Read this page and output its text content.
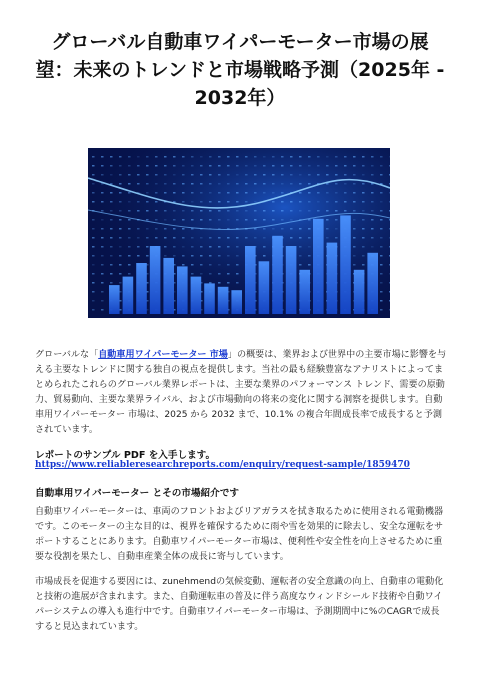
グローバル自動車ワイパーモーター市場の展
望：未来のトレンドと市場戦略予測（2025年 -
2032年）
グローバルな「自動車用ワイパーモーター 市場」の概要は、業界および世界中の主要市場に影響を与える主要なトレンドに関する独自の視点を提供します。当社の最も経験豊富なアナリストによってまとめられたこれらのグローバル業界レポートは、主要な業界のパフォーマンス トレンド、需要の原動力、貿易動向、主要な業界ライバル、および市場動向の将来の変化に関する洞察を提供します。自動車用ワイパーモーター 市場は、2025 から 2032 まで、10.1% の複合年間成長率で成長すると予測されています。
レポートのサンプル PDF を入手します。
https://www.reliableresearchreports.com/enquiry/request-sample/1859470
自動車用ワイパーモーター とその市場紹介です
自動車ワイパーモーターは、車両のフロントおよびリアガラスを拭き取るために使用される電動機器です。このモーターの主な目的は、視界を確保するために雨や雪を効果的に除去し、安全な運転をサポートすることにあります。自動車ワイパーモーター市場は、便利性や安全性を向上させるために重要な役割を果たし、自動車産業全体の成長に寄与しています。
市場成長を促進する要因には、zunehmendの気候変動、運転者の安全意識の向上、自動車の電動化と技術の進展が含まれます。また、自動運転車の普及に伴う高度なウィンドシールド技術や自動ワイパーシステムの導入も進行中です。自動車ワイパーモーター市場は、予測期間中に%のCAGRで成長すると見込まれています。
